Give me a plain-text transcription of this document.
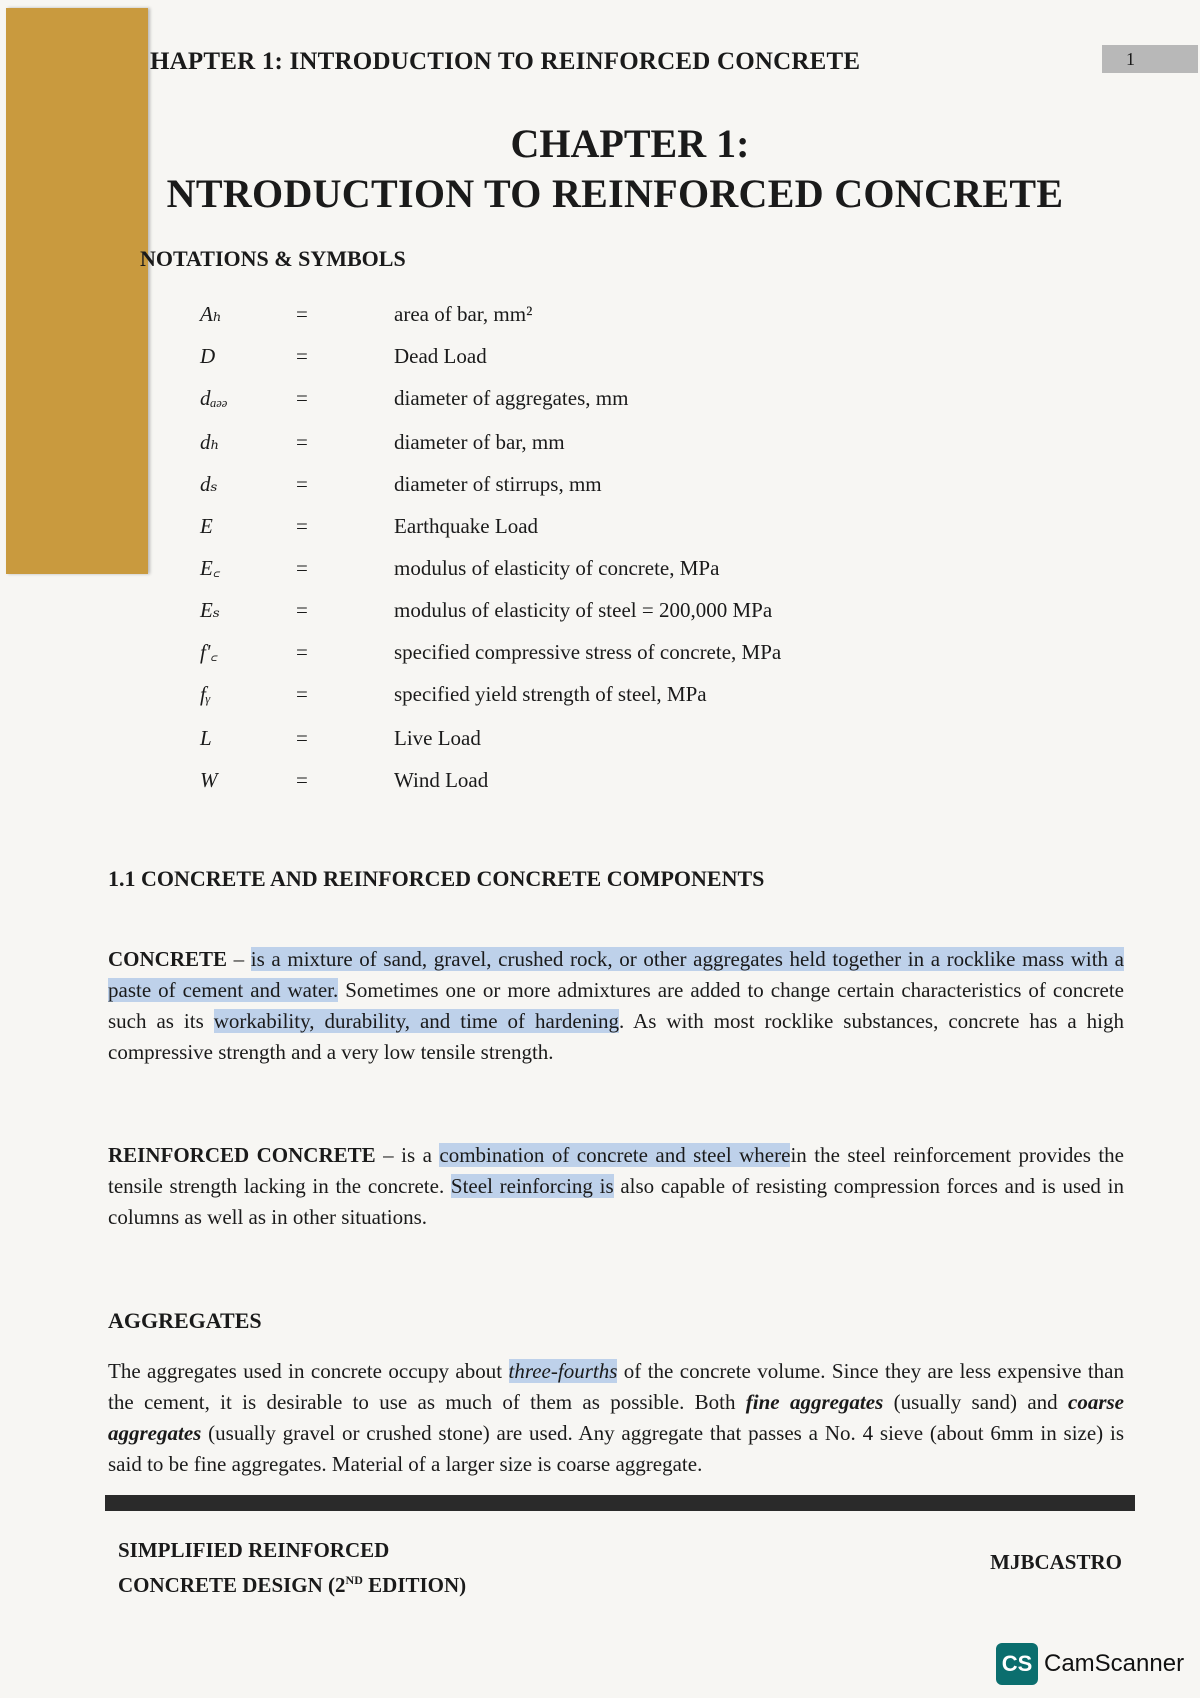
HAPTER 1: INTRODUCTION TO REINFORCED CONCRETE	1
CHAPTER 1:
NTRODUCTION TO REINFORCED CONCRETE
NOTATIONS & SYMBOLS
Aₕ	=	area of bar, mm²
D	=	Dead Load
dₐₔₔ	=	diameter of aggregates, mm
dₕ	=	diameter of bar, mm
dₛ	=	diameter of stirrups, mm
E	=	Earthquake Load
E꜀	=	modulus of elasticity of concrete, MPa
Eₛ	=	modulus of elasticity of steel = 200,000 MPa
f'꜀	=	specified compressive stress of concrete, MPa
fᵧ	=	specified yield strength of steel, MPa
L	=	Live Load
W	=	Wind Load
1.1 CONCRETE AND REINFORCED CONCRETE COMPONENTS
CONCRETE – is a mixture of sand, gravel, crushed rock, or other aggregates held together in a rocklike mass with a paste of cement and water. Sometimes one or more admixtures are added to change certain characteristics of concrete such as its workability, durability, and time of hardening. As with most rocklike substances, concrete has a high compressive strength and a very low tensile strength.
REINFORCED CONCRETE – is a combination of concrete and steel wherein the steel reinforcement provides the tensile strength lacking in the concrete. Steel reinforcing is also capable of resisting compression forces and is used in columns as well as in other situations.
AGGREGATES
The aggregates used in concrete occupy about three-fourths of the concrete volume. Since they are less expensive than the cement, it is desirable to use as much of them as possible. Both fine aggregates (usually sand) and coarse aggregates (usually gravel or crushed stone) are used. Any aggregate that passes a No. 4 sieve (about 6mm in size) is said to be fine aggregates. Material of a larger size is coarse aggregate.
SIMPLIFIED REINFORCED
CONCRETE DESIGN (2ND EDITION)
MJBCASTRO
CS CamScanner
